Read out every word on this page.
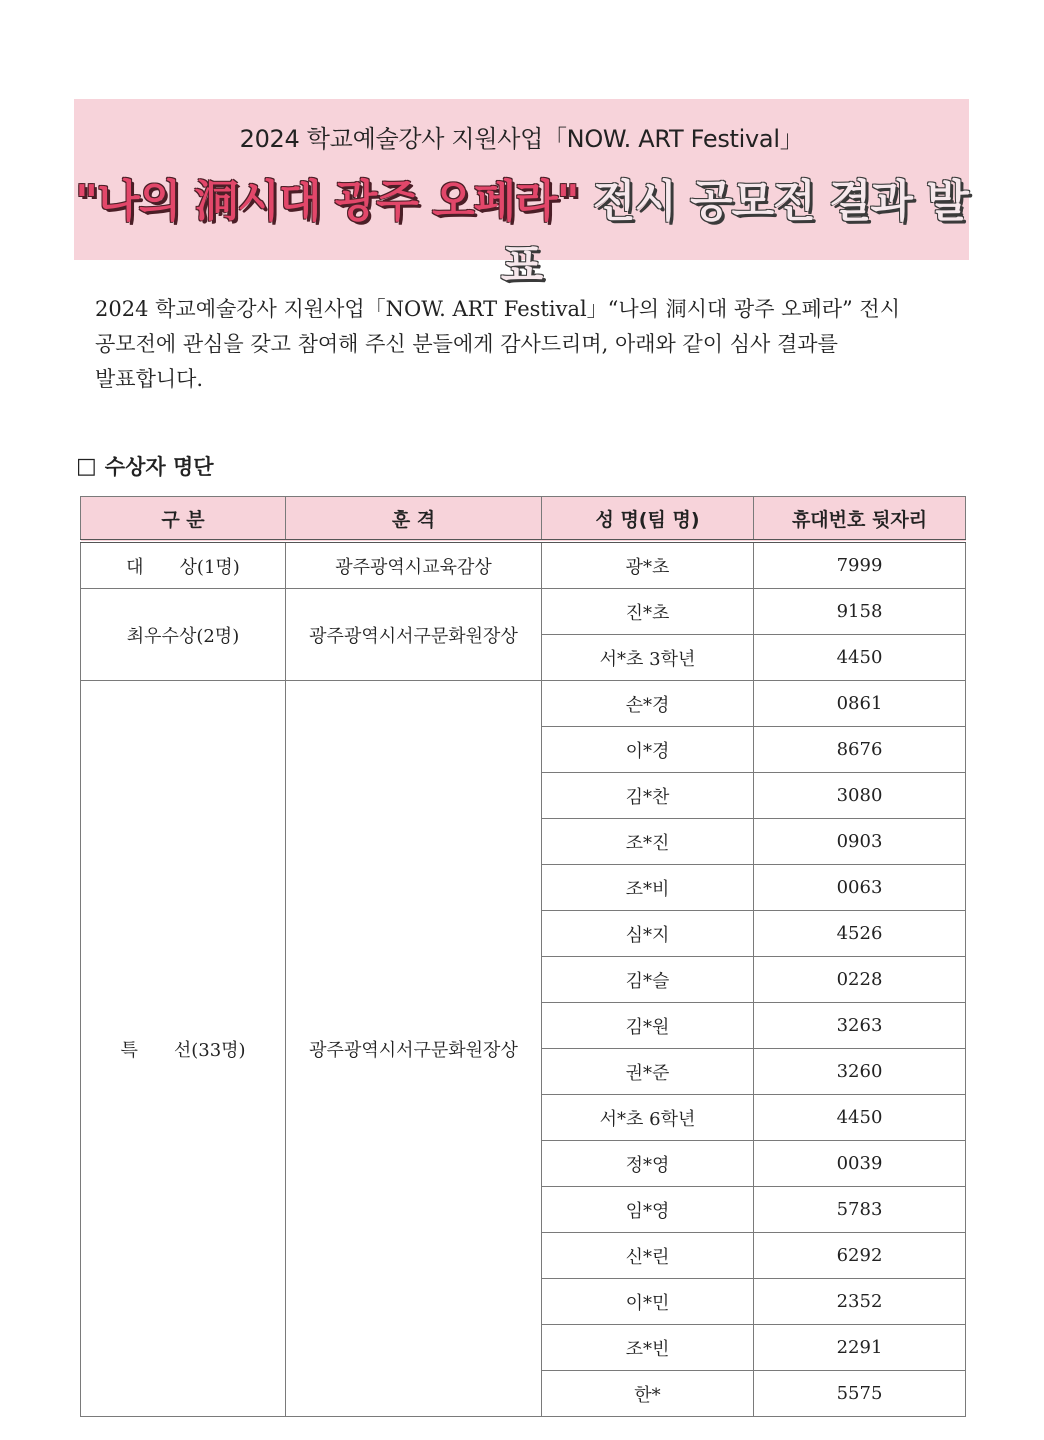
2024 학교예술강사 지원사업「NOW. ART Festival」
"나의 洞시대 광주 오페라" 전시 공모전 결과 발표

2024 학교예술강사 지원사업「NOW. ART Festival」“나의 洞시대 광주 오페라” 전시

공모전에 관심을 갖고 참여해 주신 분들에게 감사드리며, 아래와 같이 심사 결과를

발표합니다.

□ 수상자 명단
구 분	훈 격	성 명(팀 명)	휴대번호 뒷자리
대　　상(1명)	광주광역시교육감상	광*초	7999
최우수상(2명)	광주광역시서구문화원장상	진*초	9158
		서*초 3학년	4450
특　　선(33명)	광주광역시서구문화원장상	손*경	0861
		이*경	8676
		김*찬	3080
		조*진	0903
		조*비	0063
		심*지	4526
		김*슬	0228
		김*원	3263
		권*준	3260
		서*초 6학년	4450
		정*영	0039
		임*영	5783
		신*린	6292
		이*민	2352
		조*빈	2291
		한*	5575
